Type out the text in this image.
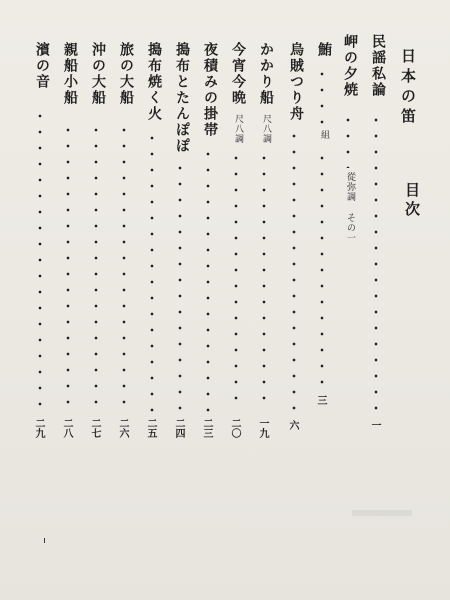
日本の笛
目次
民謡私論
一
岬の夕焼
從弥調 その一
鮪
組
三
烏賊つり舟
六
かかり船
尺八調
一九
今宵今晩
尺八調
二〇
夜積みの掛帯
二三
搗布とたんぽぽ
二四
搗布焼く火
二五
旅の大船
二六
沖の大船
二七
親船小船
二八
濱の音
二九
